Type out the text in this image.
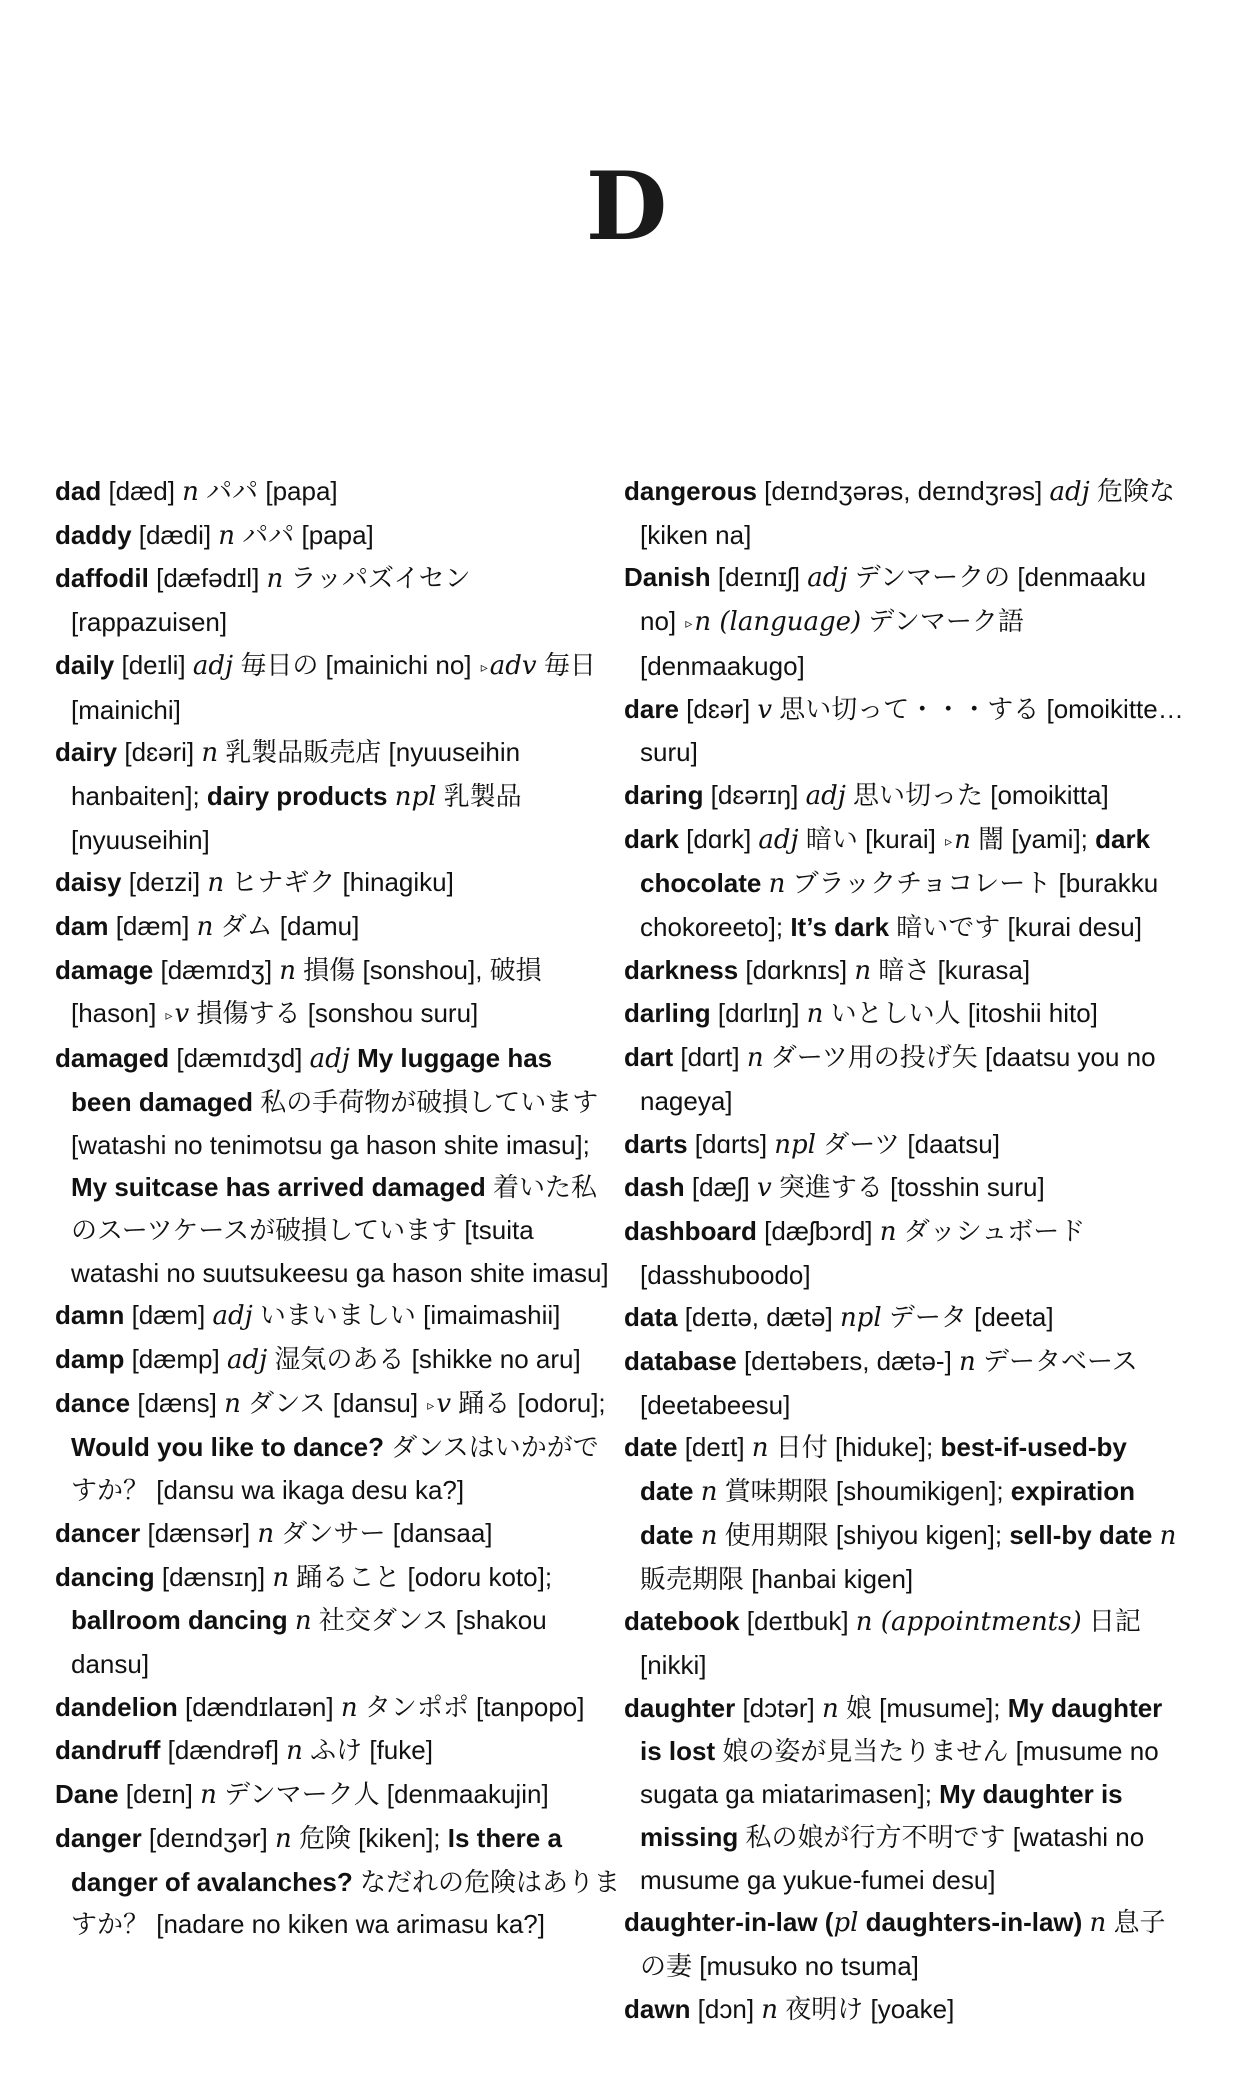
D
dad [dæd] n パパ [papa]
daddy [dædi] n パパ [papa]
daffodil [dæfədɪl] n ラッパズイセン [rappazuisen]
daily [deɪli] adj 毎日の [mainichi no] ▹adv 毎日 [mainichi]
dairy [dɛəri] n 乳製品販売店 [nyuuseihin hanbaiten]; dairy products npl 乳製品 [nyuuseihin]
daisy [deɪzi] n ヒナギク [hinagiku]
dam [dæm] n ダム [damu]
damage [dæmɪdʒ] n 損傷 [sonshou], 破損 [hason] ▹v 損傷する [sonshou suru]
damaged [dæmɪdʒd] adj My luggage has been damaged 私の手荷物が破損しています [watashi no tenimotsu ga hason shite imasu]; My suitcase has arrived damaged 着いた私のスーツケースが破損しています [tsuita watashi no suutsukeesu ga hason shite imasu]
damn [dæm] adj いまいましい [imaimashii]
damp [dæmp] adj 湿気のある [shikke no aru]
dance [dæns] n ダンス [dansu] ▹v 踊る [odoru]; Would you like to dance? ダンスはいかがですか？ [dansu wa ikaga desu ka?]
dancer [dænsər] n ダンサー [dansaa]
dancing [dænsɪŋ] n 踊ること [odoru koto]; ballroom dancing n 社交ダンス [shakou dansu]
dandelion [dændɪlaɪən] n タンポポ [tanpopo]
dandruff [dændrəf] n ふけ [fuke]
Dane [deɪn] n デンマーク人 [denmaakujin]
danger [deɪndʒər] n 危険 [kiken]; Is there a danger of avalanches? なだれの危険はありますか？ [nadare no kiken wa arimasu ka?]
dangerous [deɪndʒərəs, deɪndʒrəs] adj 危険な [kiken na]
Danish [deɪnɪʃ] adj デンマークの [denmaaku no] ▹n (language) デンマーク語 [denmaakugo]
dare [dɛər] v 思い切って・・・する [omoikitte… suru]
daring [dɛərɪŋ] adj 思い切った [omoikitta]
dark [dɑrk] adj 暗い [kurai] ▹n 闇 [yami]; dark chocolate n ブラックチョコレート [burakku chokoreeto]; It’s dark 暗いです [kurai desu]
darkness [dɑrknɪs] n 暗さ [kurasa]
darling [dɑrlɪŋ] n いとしい人 [itoshii hito]
dart [dɑrt] n ダーツ用の投げ矢 [daatsu you no nageya]
darts [dɑrts] npl ダーツ [daatsu]
dash [dæʃ] v 突進する [tosshin suru]
dashboard [dæʃbɔrd] n ダッシュボード [dasshuboodo]
data [deɪtə, dætə] npl データ [deeta]
database [deɪtəbeɪs, dætə-] n データベース [deetabeesu]
date [deɪt] n 日付 [hiduke]; best-if-used-by date n 賞味期限 [shoumikigen]; expiration date n 使用期限 [shiyou kigen]; sell-by date n 販売期限 [hanbai kigen]
datebook [deɪtbuk] n (appointments) 日記 [nikki]
daughter [dɔtər] n 娘 [musume]; My daughter is lost 娘の姿が見当たりません [musume no sugata ga miatarimasen]; My daughter is missing 私の娘が行方不明です [watashi no musume ga yukue-fumei desu]
daughter-in-law (pl daughters-in-law) n 息子の妻 [musuko no tsuma]
dawn [dɔn] n 夜明け [yoake]
